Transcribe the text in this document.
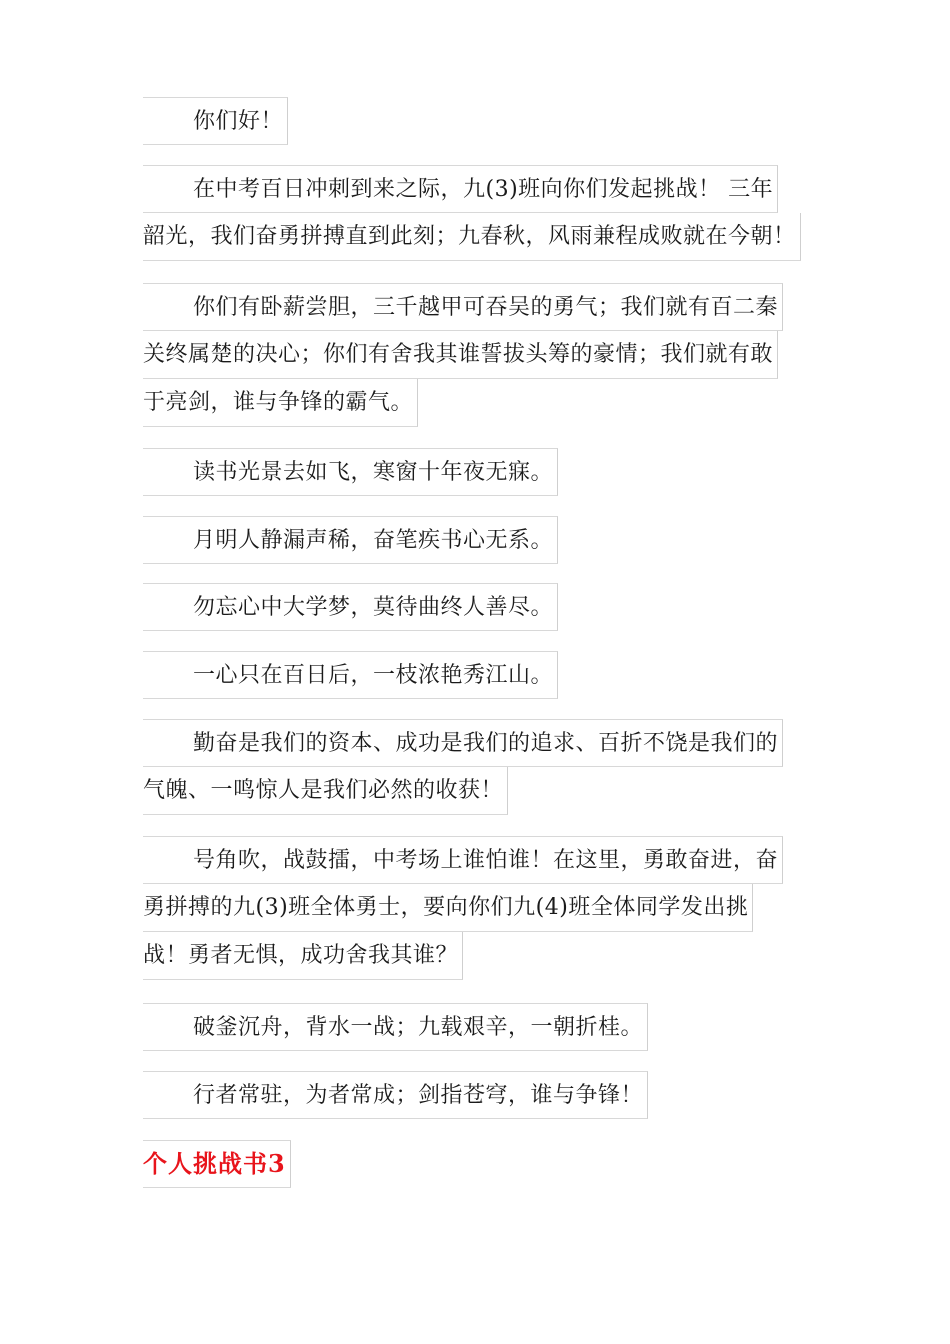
你们好！
在中考百日冲刺到来之际，九(3)班向你们发起挑战！ 三年
韶光，我们奋勇拼搏直到此刻；九春秋，风雨兼程成败就在今朝！
你们有卧薪尝胆，三千越甲可吞吴的勇气；我们就有百二秦
关终属楚的决心；你们有舍我其谁誓拔头筹的豪情；我们就有敢
于亮剑，谁与争锋的霸气。
读书光景去如飞，寒窗十年夜无寐。
月明人静漏声稀，奋笔疾书心无系。
勿忘心中大学梦，莫待曲终人善尽。
一心只在百日后，一枝浓艳秀江山。
勤奋是我们的资本、成功是我们的追求、百折不饶是我们的
气魄、一鸣惊人是我们必然的收获！
号角吹，战鼓擂，中考场上谁怕谁！在这里，勇敢奋进，奋
勇拼搏的九(3)班全体勇士，要向你们九(4)班全体同学发出挑
战！勇者无惧，成功舍我其谁？
破釜沉舟，背水一战；九载艰辛，一朝折桂。
行者常驻，为者常成；剑指苍穹，谁与争锋！
个人挑战书3
